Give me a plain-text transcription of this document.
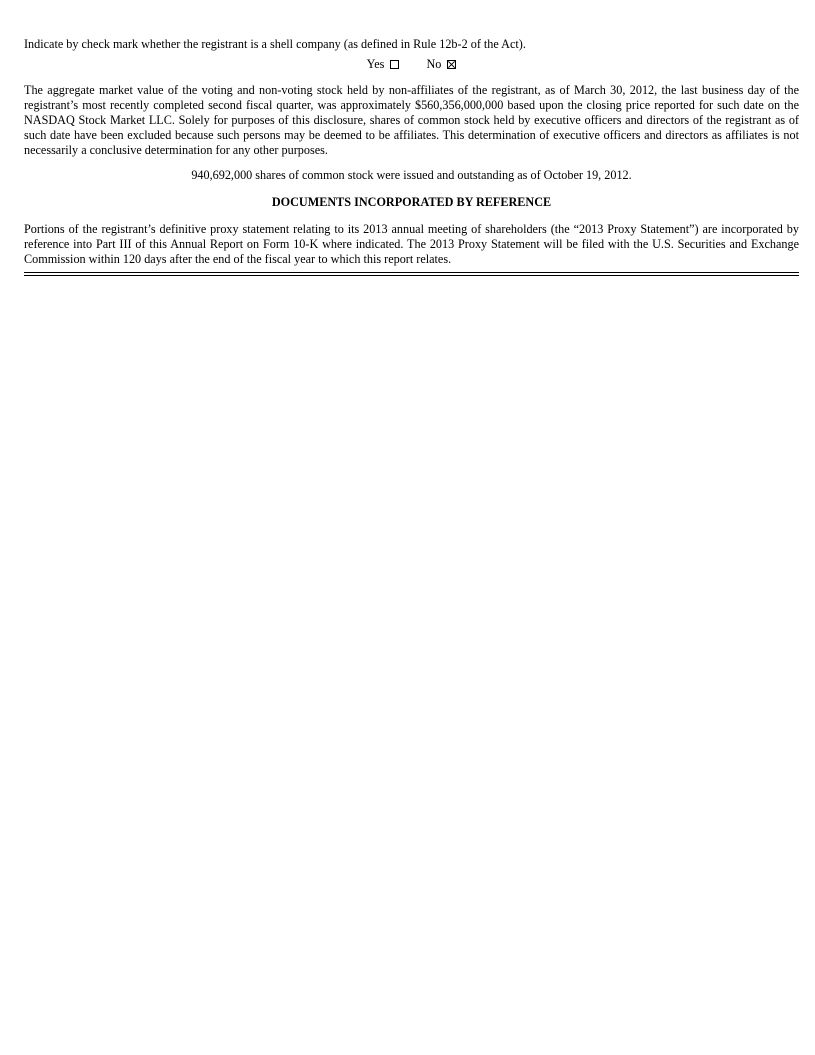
Indicate by check mark whether the registrant is a shell company (as defined in Rule 12b-2 of the Act).

Yes	No

The aggregate market value of the voting and non-voting stock held by non-affiliates of the registrant, as of March 30, 2012, the last business day of the registrant’s most recently completed second fiscal quarter, was approximately $560,356,000,000 based upon the closing price reported for such date on the NASDAQ Stock Market LLC. Solely for purposes of this disclosure, shares of common stock held by executive officers and directors of the registrant as of such date have been excluded because such persons may be deemed to be affiliates. This determination of executive officers and directors as affiliates is not necessarily a conclusive determination for any other purposes.

940,692,000 shares of common stock were issued and outstanding as of October 19, 2012.

DOCUMENTS INCORPORATED BY REFERENCE

Portions of the registrant’s definitive proxy statement relating to its 2013 annual meeting of shareholders (the “2013 Proxy Statement”) are incorporated by reference into Part III of this Annual Report on Form 10-K where indicated. The 2013 Proxy Statement will be filed with the U.S. Securities and Exchange Commission within 120 days after the end of the fiscal year to which this report relates.
